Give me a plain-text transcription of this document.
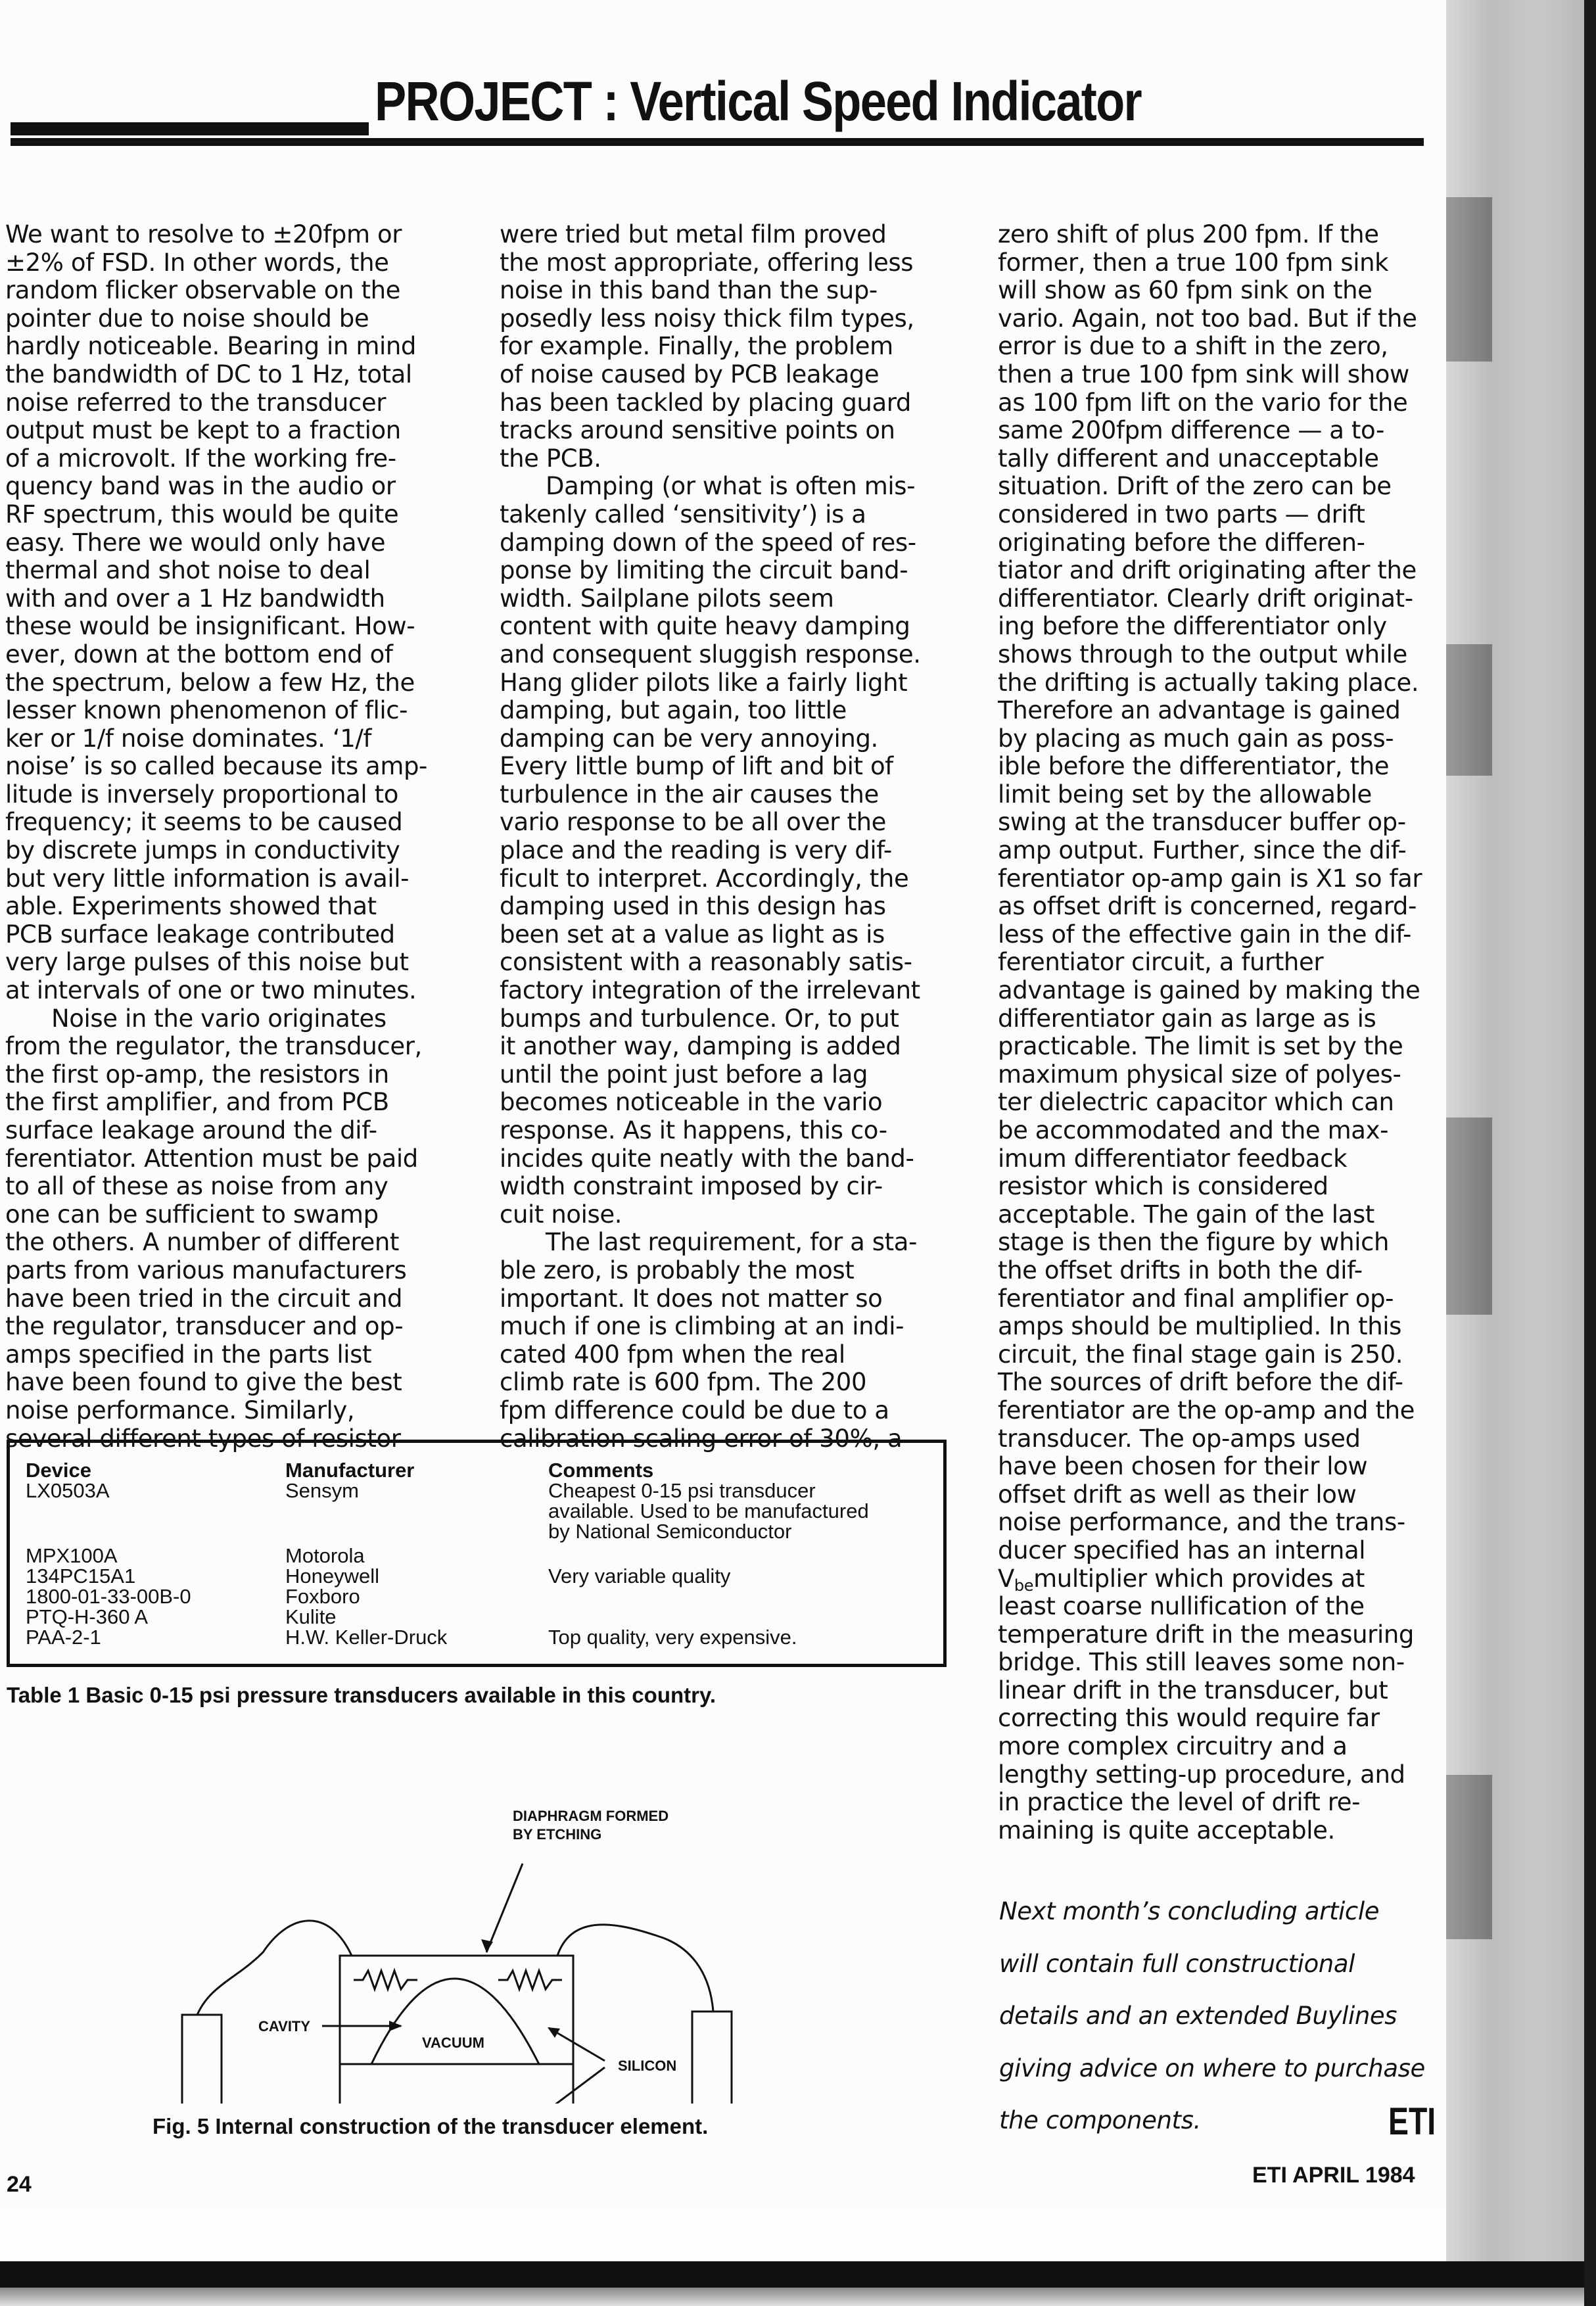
PROJECT : Vertical Speed Indicator

We want to resolve to ±20fpm or

±2% of FSD. In other words, the

random flicker observable on the

pointer due to noise should be

hardly noticeable. Bearing in mind

the bandwidth of DC to 1 Hz, total

noise referred to the transducer

output must be kept to a fraction

of a microvolt. If the working fre-

quency band was in the audio or

RF spectrum, this would be quite

easy. There we would only have

thermal and shot noise to deal

with and over a 1 Hz bandwidth

these would be insignificant. How-

ever, down at the bottom end of

the spectrum, below a few Hz, the

lesser known phenomenon of flic-

ker or 1/f noise dominates. ‘1/f

noise’ is so called because its amp-

litude is inversely proportional to

frequency; it seems to be caused

by discrete jumps in conductivity

but very little information is avail-

able. Experiments showed that

PCB surface leakage contributed

very large pulses of this noise but

at intervals of one or two minutes.

Noise in the vario originates

from the regulator, the transducer,

the first op-amp, the resistors in

the first amplifier, and from PCB

surface leakage around the dif-

ferentiator. Attention must be paid

to all of these as noise from any

one can be sufficient to swamp

the others. A number of different

parts from various manufacturers

have been tried in the circuit and

the regulator, transducer and op-

amps specified in the parts list

have been found to give the best

noise performance. Similarly,

several different types of resistor

were tried but metal film proved

the most appropriate, offering less

noise in this band than the sup-

posedly less noisy thick film types,

for example. Finally, the problem

of noise caused by PCB leakage

has been tackled by placing guard

tracks around sensitive points on

the PCB.

Damping (or what is often mis-

takenly called ‘sensitivity’) is a

damping down of the speed of res-

ponse by limiting the circuit band-

width. Sailplane pilots seem

content with quite heavy damping

and consequent sluggish response.

Hang glider pilots like a fairly light

damping, but again, too little

damping can be very annoying.

Every little bump of lift and bit of

turbulence in the air causes the

vario response to be all over the

place and the reading is very dif-

ficult to interpret. Accordingly, the

damping used in this design has

been set at a value as light as is

consistent with a reasonably satis-

factory integration of the irrelevant

bumps and turbulence. Or, to put

it another way, damping is added

until the point just before a lag

becomes noticeable in the vario

response. As it happens, this co-

incides quite neatly with the band-

width constraint imposed by cir-

cuit noise.

The last requirement, for a sta-

ble zero, is probably the most

important. It does not matter so

much if one is climbing at an indi-

cated 400 fpm when the real

climb rate is 600 fpm. The 200

fpm difference could be due to a

calibration scaling error of 30%, a

zero shift of plus 200 fpm. If the

former, then a true 100 fpm sink

will show as 60 fpm sink on the

vario. Again, not too bad. But if the

error is due to a shift in the zero,

then a true 100 fpm sink will show

as 100 fpm lift on the vario for the

same 200fpm difference — a to-

tally different and unacceptable

situation. Drift of the zero can be

considered in two parts — drift

originating before the differen-

tiator and drift originating after the

differentiator. Clearly drift originat-

ing before the differentiator only

shows through to the output while

the drifting is actually taking place.

Therefore an advantage is gained

by placing as much gain as poss-

ible before the differentiator, the

limit being set by the allowable

swing at the transducer buffer op-

amp output. Further, since the dif-

ferentiator op-amp gain is X1 so far

as offset drift is concerned, regard-

less of the effective gain in the dif-

ferentiator circuit, a further

advantage is gained by making the

differentiator gain as large as is

practicable. The limit is set by the

maximum physical size of polyes-

ter dielectric capacitor which can

be accommodated and the max-

imum differentiator feedback

resistor which is considered

acceptable. The gain of the last

stage is then the figure by which

the offset drifts in both the dif-

ferentiator and final amplifier op-

amps should be multiplied. In this

circuit, the final stage gain is 250.

The sources of drift before the dif-

ferentiator are the op-amp and the

transducer. The op-amps used

have been chosen for their low

offset drift as well as their low

noise performance, and the trans-

ducer specified has an internal

$V_{be}multiplier$ which provides at

least coarse nullification of the

temperature drift in the measuring

bridge. This still leaves some non-

linear drift in the transducer, but

correcting this would require far

more complex circuitry and a

lengthy setting-up procedure, and

in practice the level of drift re-

maining is quite acceptable.

Next month’s concluding article

will contain full constructional

details and an extended Buylines

giving advice on where to purchase

the components.

Device	Manufacturer	Comments
LX0503A	Sensym	Cheapest 0-15 psi transducer
available. Used to be manufactured
by National Semiconductor
MPX100A	Motorola	
134PC15A1	Honeywell	Very variable quality
1800-01-33-00B-0	Foxboro	
PTQ-H-360 A	Kulite	
PAA-2-1	H.W. Keller-Druck	Top quality, very expensive.
Table 1 Basic 0-15 psi pressure transducers available in this country.
DIAPHRAGM FORMED
BY ETCHING
CAVITY
VACUUM
SILICON
Fig. 5 Internal construction of the transducer element.
24
ETI
ETI APRIL 1984
